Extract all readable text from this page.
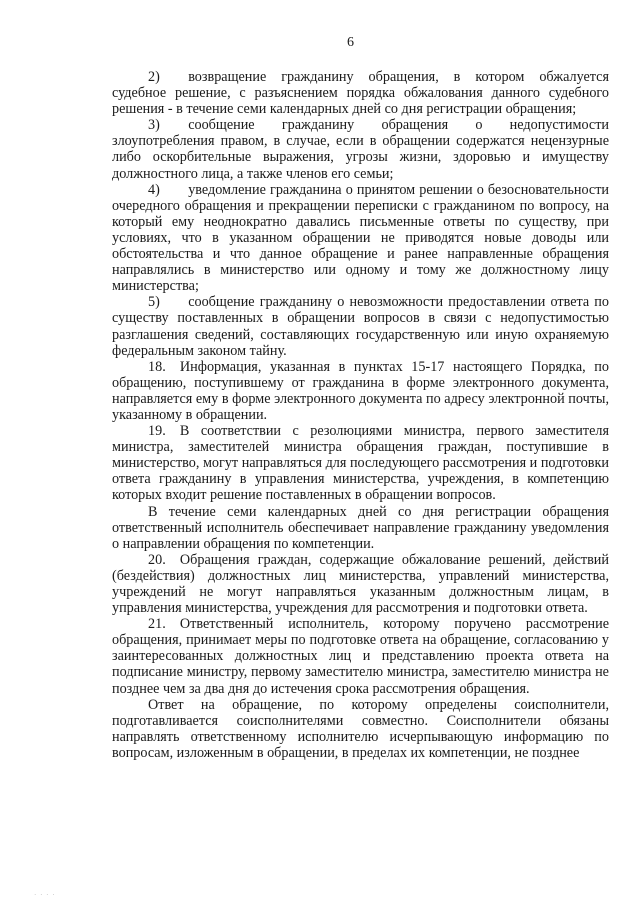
6

2)  возвращение гражданину обращения, в котором обжалуется судебное решение, с разъяснением порядка обжалования данного судебного решения - в течение семи календарных дней со дня регистрации обращения;

3)  сообщение гражданину обращения о недопустимости злоупотребления правом, в случае, если в обращении содержатся нецензурные либо оскорбительные выражения, угрозы жизни, здоровью и имуществу должностного лица, а также членов его семьи;

4)  уведомление гражданина о принятом решении о безосновательности очередного обращения и прекращении переписки с гражданином по вопросу, на который ему неоднократно давались письменные ответы по существу, при условиях, что в указанном обращении не приводятся новые доводы или обстоятельства и что данное обращение и ранее направленные обращения направлялись в министерство или одному и тому же должностному лицу министерства;

5)  сообщение гражданину о невозможности предоставлении ответа по существу поставленных в обращении вопросов в связи с недопустимостью разглашения сведений, составляющих государственную или иную охраняемую федеральным законом тайну.

18. Информация, указанная в пунктах 15-17 настоящего Порядка, по обращению, поступившему от гражданина в форме электронного документа, направляется ему в форме электронного документа по адресу электронной почты, указанному в обращении.

19. В соответствии с резолюциями министра, первого заместителя министра, заместителей министра обращения граждан, поступившие в министерство, могут направляться для последующего рассмотрения и подготовки ответа гражданину в управления министерства, учреждения, в компетенцию которых входит решение поставленных в обращении вопросов.

В течение семи календарных дней со дня регистрации обращения ответственный исполнитель обеспечивает направление гражданину уведомления о направлении обращения по компетенции.

20. Обращения граждан, содержащие обжалование решений, действий (бездействия) должностных лиц министерства, управлений министерства, учреждений не могут направляться указанным должностным лицам, в управления министерства, учреждения для рассмотрения и подготовки ответа.

21. Ответственный исполнитель, которому поручено рассмотрение обращения, принимает меры по подготовке ответа на обращение, согласованию у заинтересованных должностных лиц и представлению проекта ответа на подписание министру, первому заместителю министра, заместителю министра не позднее чем за два дня до истечения срока рассмотрения обращения.

Ответ на обращение, по которому определены соисполнители, подготавливается соисполнителями совместно. Соисполнители обязаны направлять ответственному исполнителю исчерпывающую информацию по вопросам, изложенным в обращении, в пределах их компетенции, не позднее

· · · ·
